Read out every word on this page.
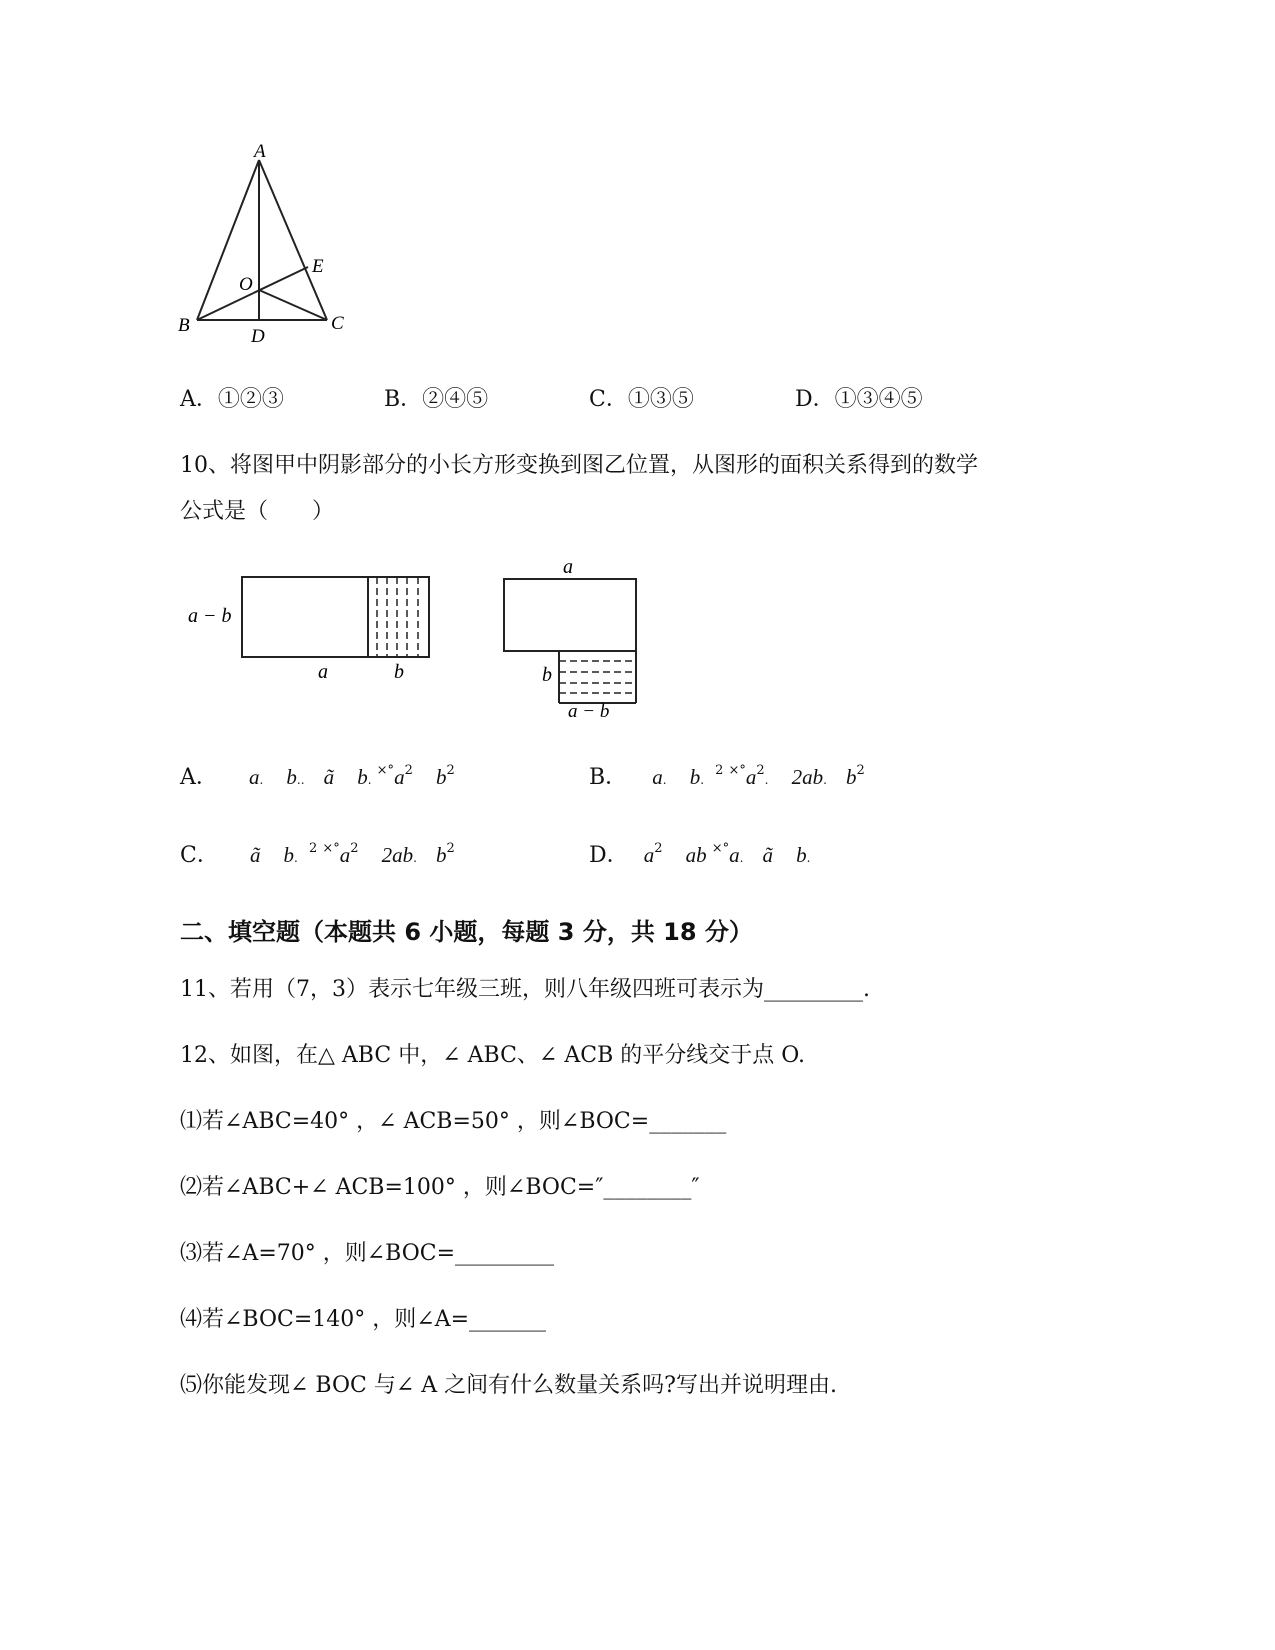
A
B	C
D
E
O
A．①②③	B．②④⑤	C．①③⑤	D．①③④⑤
10、将图甲中阴影部分的小长方形变换到图乙位置，从图形的面积关系得到的数学
公式是（　　）
a − b
a	b
a
b
a − b
A． a. b.. ã b. $^{\times^\circ}a^2$ $b^2$	B． a. b. $^2$ $^{\times^\circ}a^2$. 2ab. $b^2$
C． ã b. $^2$ $^{\times^\circ}a^2$ 2ab. $b^2$	D． $a^2$ ab ×°a. ã b.
二、填空题（本题共 6 小题，每题 3 分，共 18 分）
11、若用（7，3）表示七年级三班，则八年级四班可表示为_________.
12、如图，在△ ABC 中，∠ ABC、∠ ACB 的平分线交于点 O.
⑴若∠ABC=40° ，∠ ACB=50° ，则∠BOC=_______
⑵若∠ABC+∠ ACB=100° ，则∠BOC=″________″
⑶若∠A=70° ，则∠BOC=_________
⑷若∠BOC=140° ，则∠A=_______
⑸你能发现∠ BOC 与∠ A 之间有什么数量关系吗?写出并说明理由.
